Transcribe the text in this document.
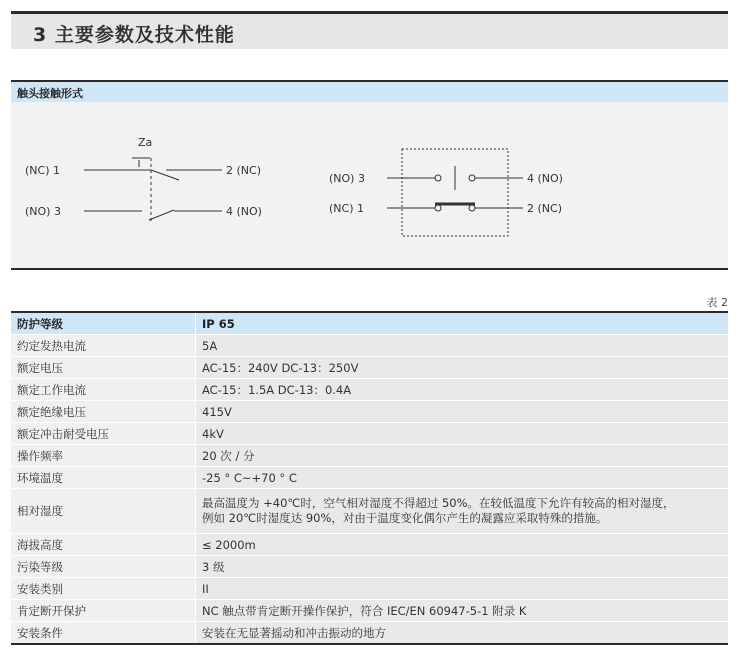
3 主要参数及技术性能
触头接触形式
Za
(NC) 1	2 (NC)
(NO) 3	4 (NO)
(NO) 3	4 (NO)
(NC) 1	2 (NC)
表 2
防护等级	IP 65
约定发热电流	5A
额定电压	AC-15：240V DC-13：250V
额定工作电流	AC-15：1.5A DC-13：0.4A
额定绝缘电压	415V
额定冲击耐受电压	4kV
操作频率	20 次 / 分
环境温度	-25 ° C~+70 ° C
相对湿度	最高温度为 +40℃时，空气相对湿度不得超过 50%。在较低温度下允许有较高的相对湿度，
例如 20℃时湿度达 90%，对由于温度变化偶尔产生的凝露应采取特殊的措施。

海拔高度	≤ 2000m
污染等级	3 级
安装类别	II
肯定断开保护	NC 触点带肯定断开操作保护，符合 IEC/EN 60947-5-1 附录 K
安装条件	安装在无显著摇动和冲击振动的地方
